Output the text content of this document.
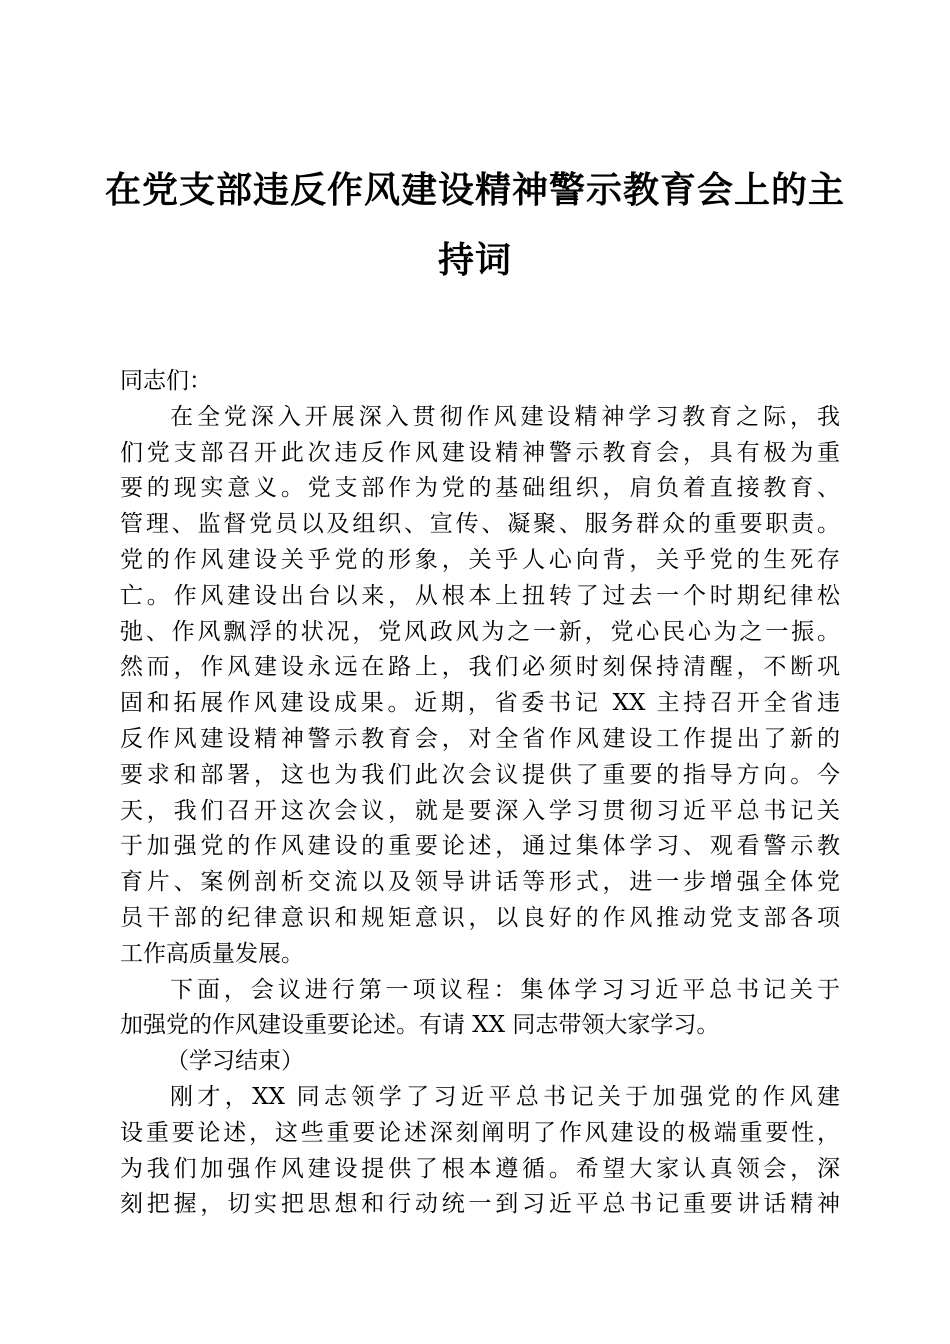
在党支部违反作风建设精神警示教育会上的主
持词
同志们：
在全党深入开展深入贯彻作风建设精神学习教育之际，我
们党支部召开此次违反作风建设精神警示教育会，具有极为重
要的现实意义。党支部作为党的基础组织，肩负着直接教育、
管理、监督党员以及组织、宣传、凝聚、服务群众的重要职责。
党的作风建设关乎党的形象，关乎人心向背，关乎党的生死存
亡。作风建设出台以来，从根本上扭转了过去一个时期纪律松
弛、作风飘浮的状况，党风政风为之一新，党心民心为之一振。
然而，作风建设永远在路上，我们必须时刻保持清醒，不断巩
固和拓展作风建设成果。近期，省委书记 XX 主持召开全省违
反作风建设精神警示教育会，对全省作风建设工作提出了新的
要求和部署，这也为我们此次会议提供了重要的指导方向。今
天，我们召开这次会议，就是要深入学习贯彻习近平总书记关
于加强党的作风建设的重要论述，通过集体学习、观看警示教
育片、案例剖析交流以及领导讲话等形式，进一步增强全体党
员干部的纪律意识和规矩意识，以良好的作风推动党支部各项
工作高质量发展。
下面，会议进行第一项议程：集体学习习近平总书记关于
加强党的作风建设重要论述。有请 XX 同志带领大家学习。
（学习结束）
刚才，XX 同志领学了习近平总书记关于加强党的作风建
设重要论述，这些重要论述深刻阐明了作风建设的极端重要性，
为我们加强作风建设提供了根本遵循。希望大家认真领会，深
刻把握，切实把思想和行动统一到习近平总书记重要讲话精神
